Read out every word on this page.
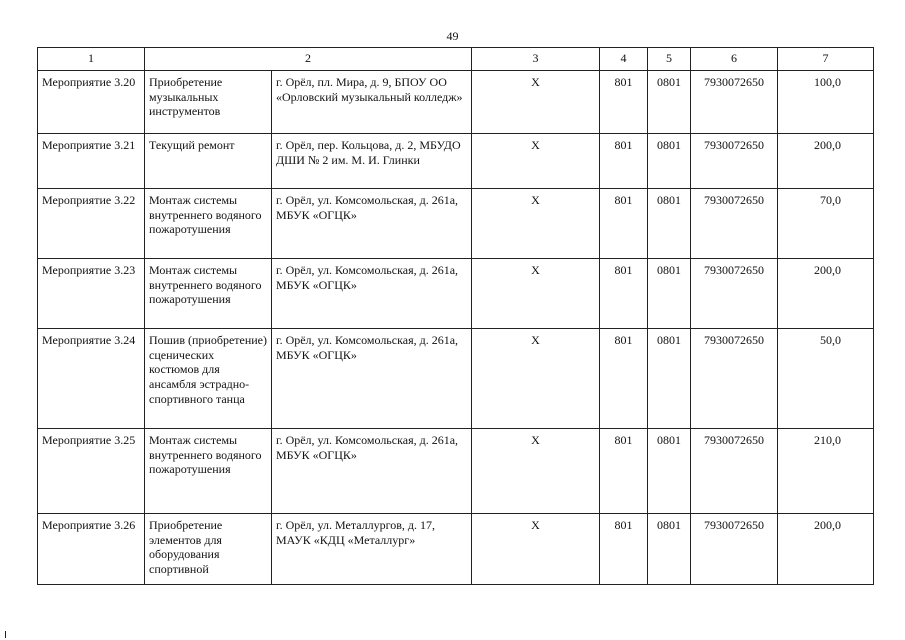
49
1	2		3	4	5	6	7
Мероприятие 3.20	Приобретение музыкальных инструментов	г. Орёл, пл. Мира, д. 9, БПОУ ОО «Орловский музыкальный колледж»	Х	801	0801	7930072650	100,0
Мероприятие 3.21	Текущий ремонт	г. Орёл, пер. Кольцова, д. 2, МБУДО ДШИ № 2 им. М. И. Глинки	Х	801	0801	7930072650	200,0
Мероприятие 3.22	Монтаж системы внутреннего водяного пожаротушения	г. Орёл, ул. Комсомольская, д. 261а, МБУК «ОГЦК»	Х	801	0801	7930072650	70,0
Мероприятие 3.23	Монтаж системы внутреннего водяного пожаротушения	г. Орёл, ул. Комсомольская, д. 261а, МБУК «ОГЦК»	Х	801	0801	7930072650	200,0
Мероприятие 3.24	Пошив (приобретение) сценических костюмов для ансамбля эстрадно-спортивного танца	г. Орёл, ул. Комсомольская, д. 261а, МБУК «ОГЦК»	Х	801	0801	7930072650	50,0
Мероприятие 3.25	Монтаж системы внутреннего водяного пожаротушения	г. Орёл, ул. Комсомольская, д. 261а, МБУК «ОГЦК»	Х	801	0801	7930072650	210,0
Мероприятие 3.26	Приобретение элементов для оборудования спортивной	г. Орёл, ул. Металлургов, д. 17, МАУК «КДЦ «Металлург»	Х	801	0801	7930072650	200,0
